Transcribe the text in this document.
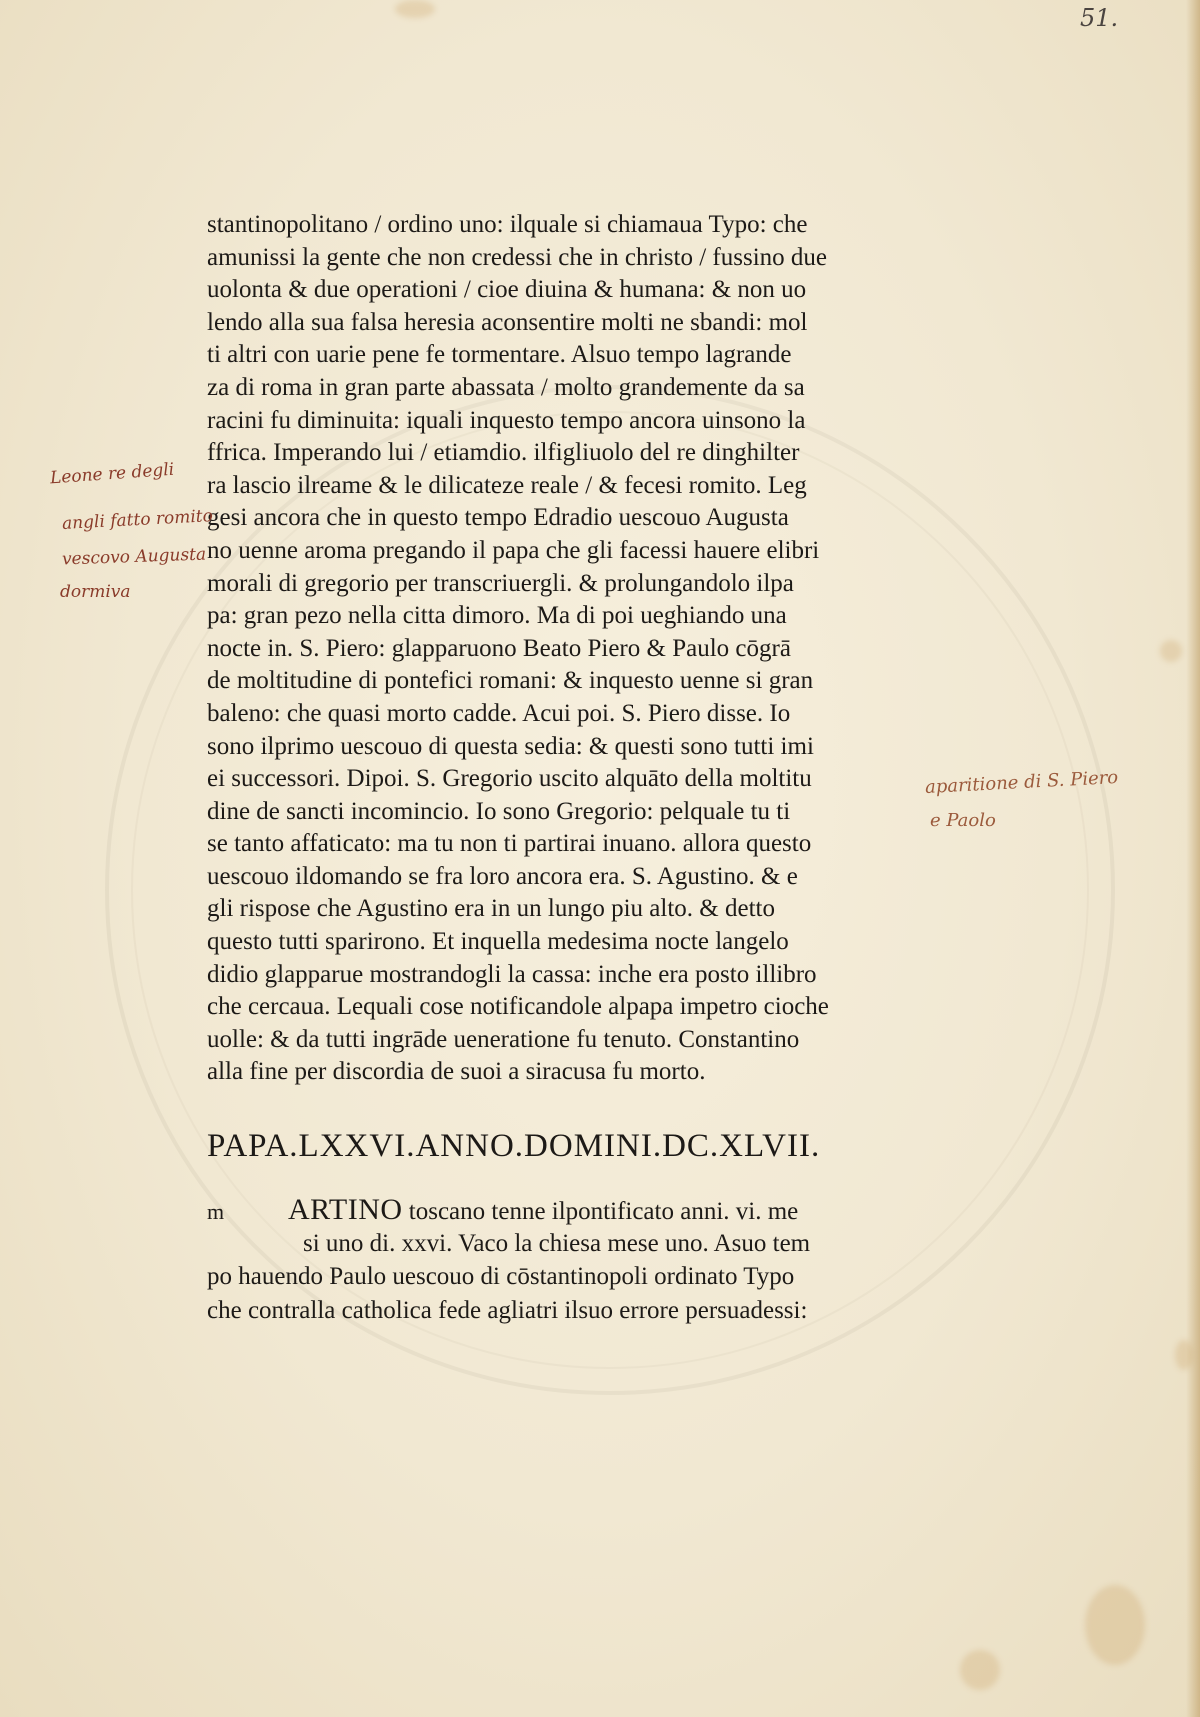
51.
stantinopolitano / ordino uno: ilquale si chiamaua Typo: che
amunissi la gente che non credessi che in christo / fussino due
uolonta & due operationi / cioe diuina & humana: & non uo
lendo alla sua falsa heresia aconsentire molti ne sbandi: mol
ti altri con uarie pene fe tormentare. Alsuo tempo lagrande
za di roma in gran parte abassata / molto grandemente da sa
racini fu diminuita: iquali inquesto tempo ancora uinsono la
ffrica. Imperando lui / etiamdio. ilfigliuolo del re dinghilter
ra lascio ilreame & le dilicateze reale / & fecesi romito. Leg
gesi ancora che in questo tempo Edradio uescouo Augusta
no uenne aroma pregando il papa che gli facessi hauere elibri
morali di gregorio per transcriuergli. & prolungandolo ilpa
pa: gran pezo nella citta dimoro. Ma di poi ueghiando una
nocte in. S. Piero: glapparuono Beato Piero & Paulo cōgrā
de moltitudine di pontefici romani: & inquesto uenne si gran
baleno: che quasi morto cadde. Acui poi. S. Piero disse. Io
sono ilprimo uescouo di questa sedia: & questi sono tutti imi
ei successori. Dipoi. S. Gregorio uscito alquāto della moltitu
dine de sancti incomincio. Io sono Gregorio: pelquale tu ti
se tanto affaticato: ma tu non ti partirai inuano. allora questo
uescouo ildomando se fra loro ancora era. S. Agustino. & e
gli rispose che Agustino era in un lungo piu alto. & detto
questo tutti sparirono. Et inquella medesima nocte langelo
didio glapparue mostrandogli la cassa: inche era posto illibro
che cercaua. Lequali cose notificandole alpapa impetro cioche
uolle: & da tutti ingrāde ueneratione fu tenuto. Constantino
alla fine per discordia de suoi a siracusa fu morto.
PAPA.LXXVI.ANNO.DOMINI.DC.XLVII.
m ARTINO toscano tenne ilpontificato anni. vi. me
si uno di. xxvi. Vaco la chiesa mese uno. Asuo tem
po hauendo Paulo uescouo di cōstantinopoli ordinato Typo
che contralla catholica fede agliatri ilsuo errore persuadessi:
Leone re degli
angli fatto romito
vescovo Augusta
dormiva
aparitione di S. Piero
e Paolo
